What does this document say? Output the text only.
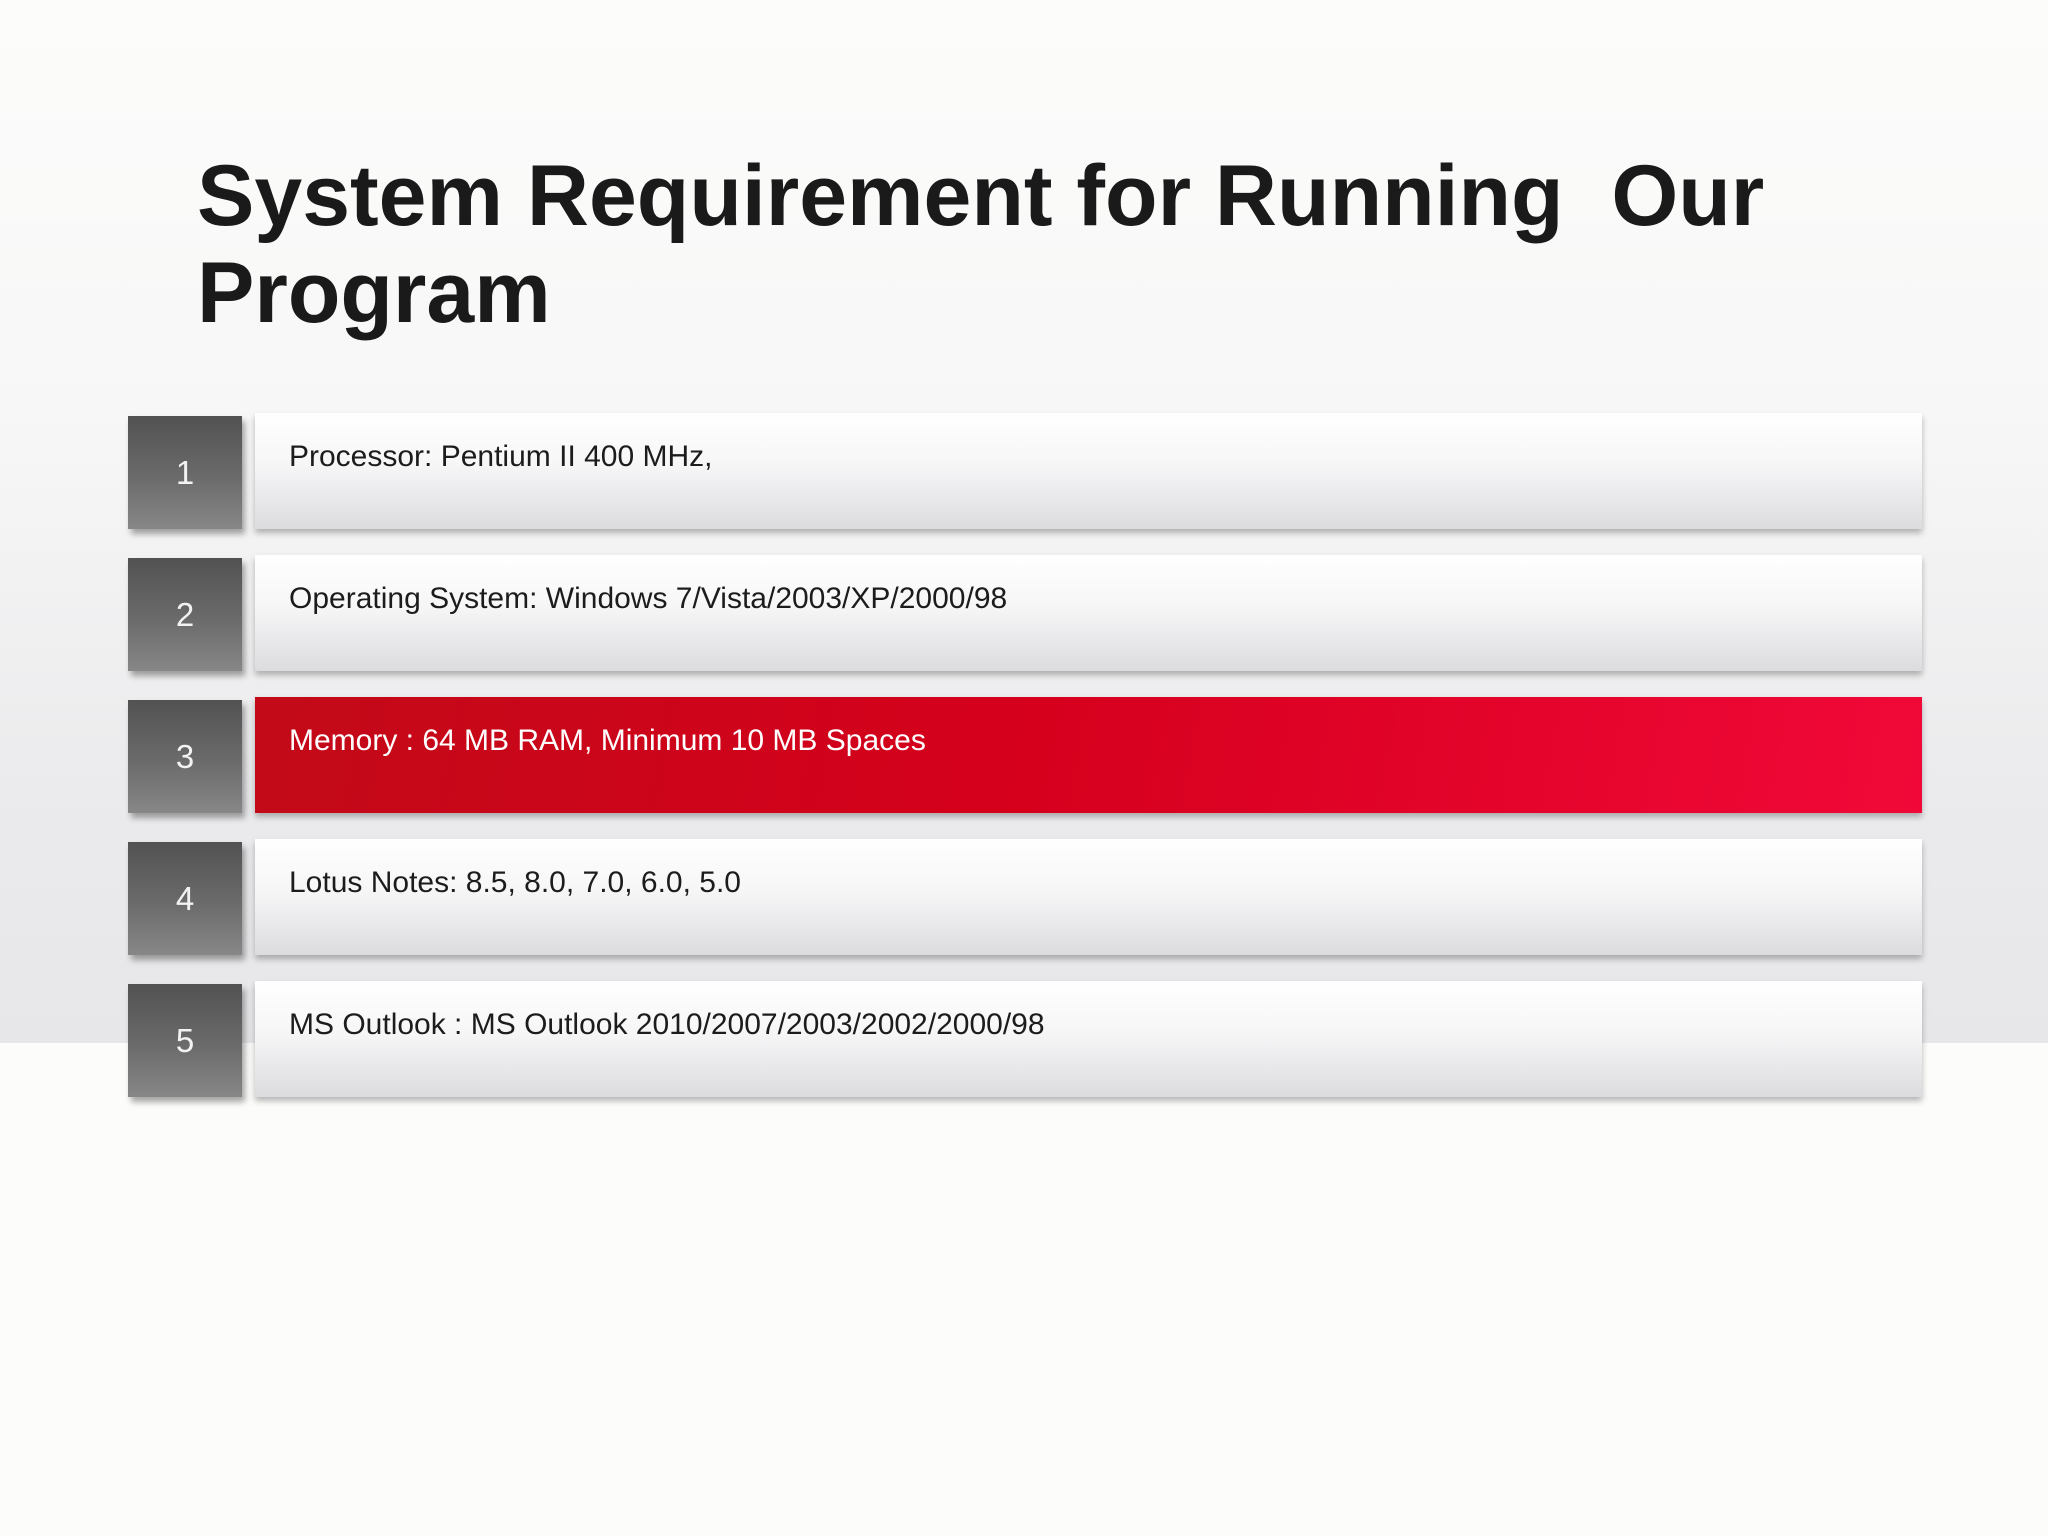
System Requirement for Running  Our Program
1	Processor: Pentium II 400 MHz,
2	Operating System: Windows 7/Vista/2003/XP/2000/98
3	Memory : 64 MB RAM, Minimum 10 MB Spaces
4	Lotus Notes: 8.5, 8.0, 7.0, 6.0, 5.0
5	MS Outlook : MS Outlook 2010/2007/2003/2002/2000/98
